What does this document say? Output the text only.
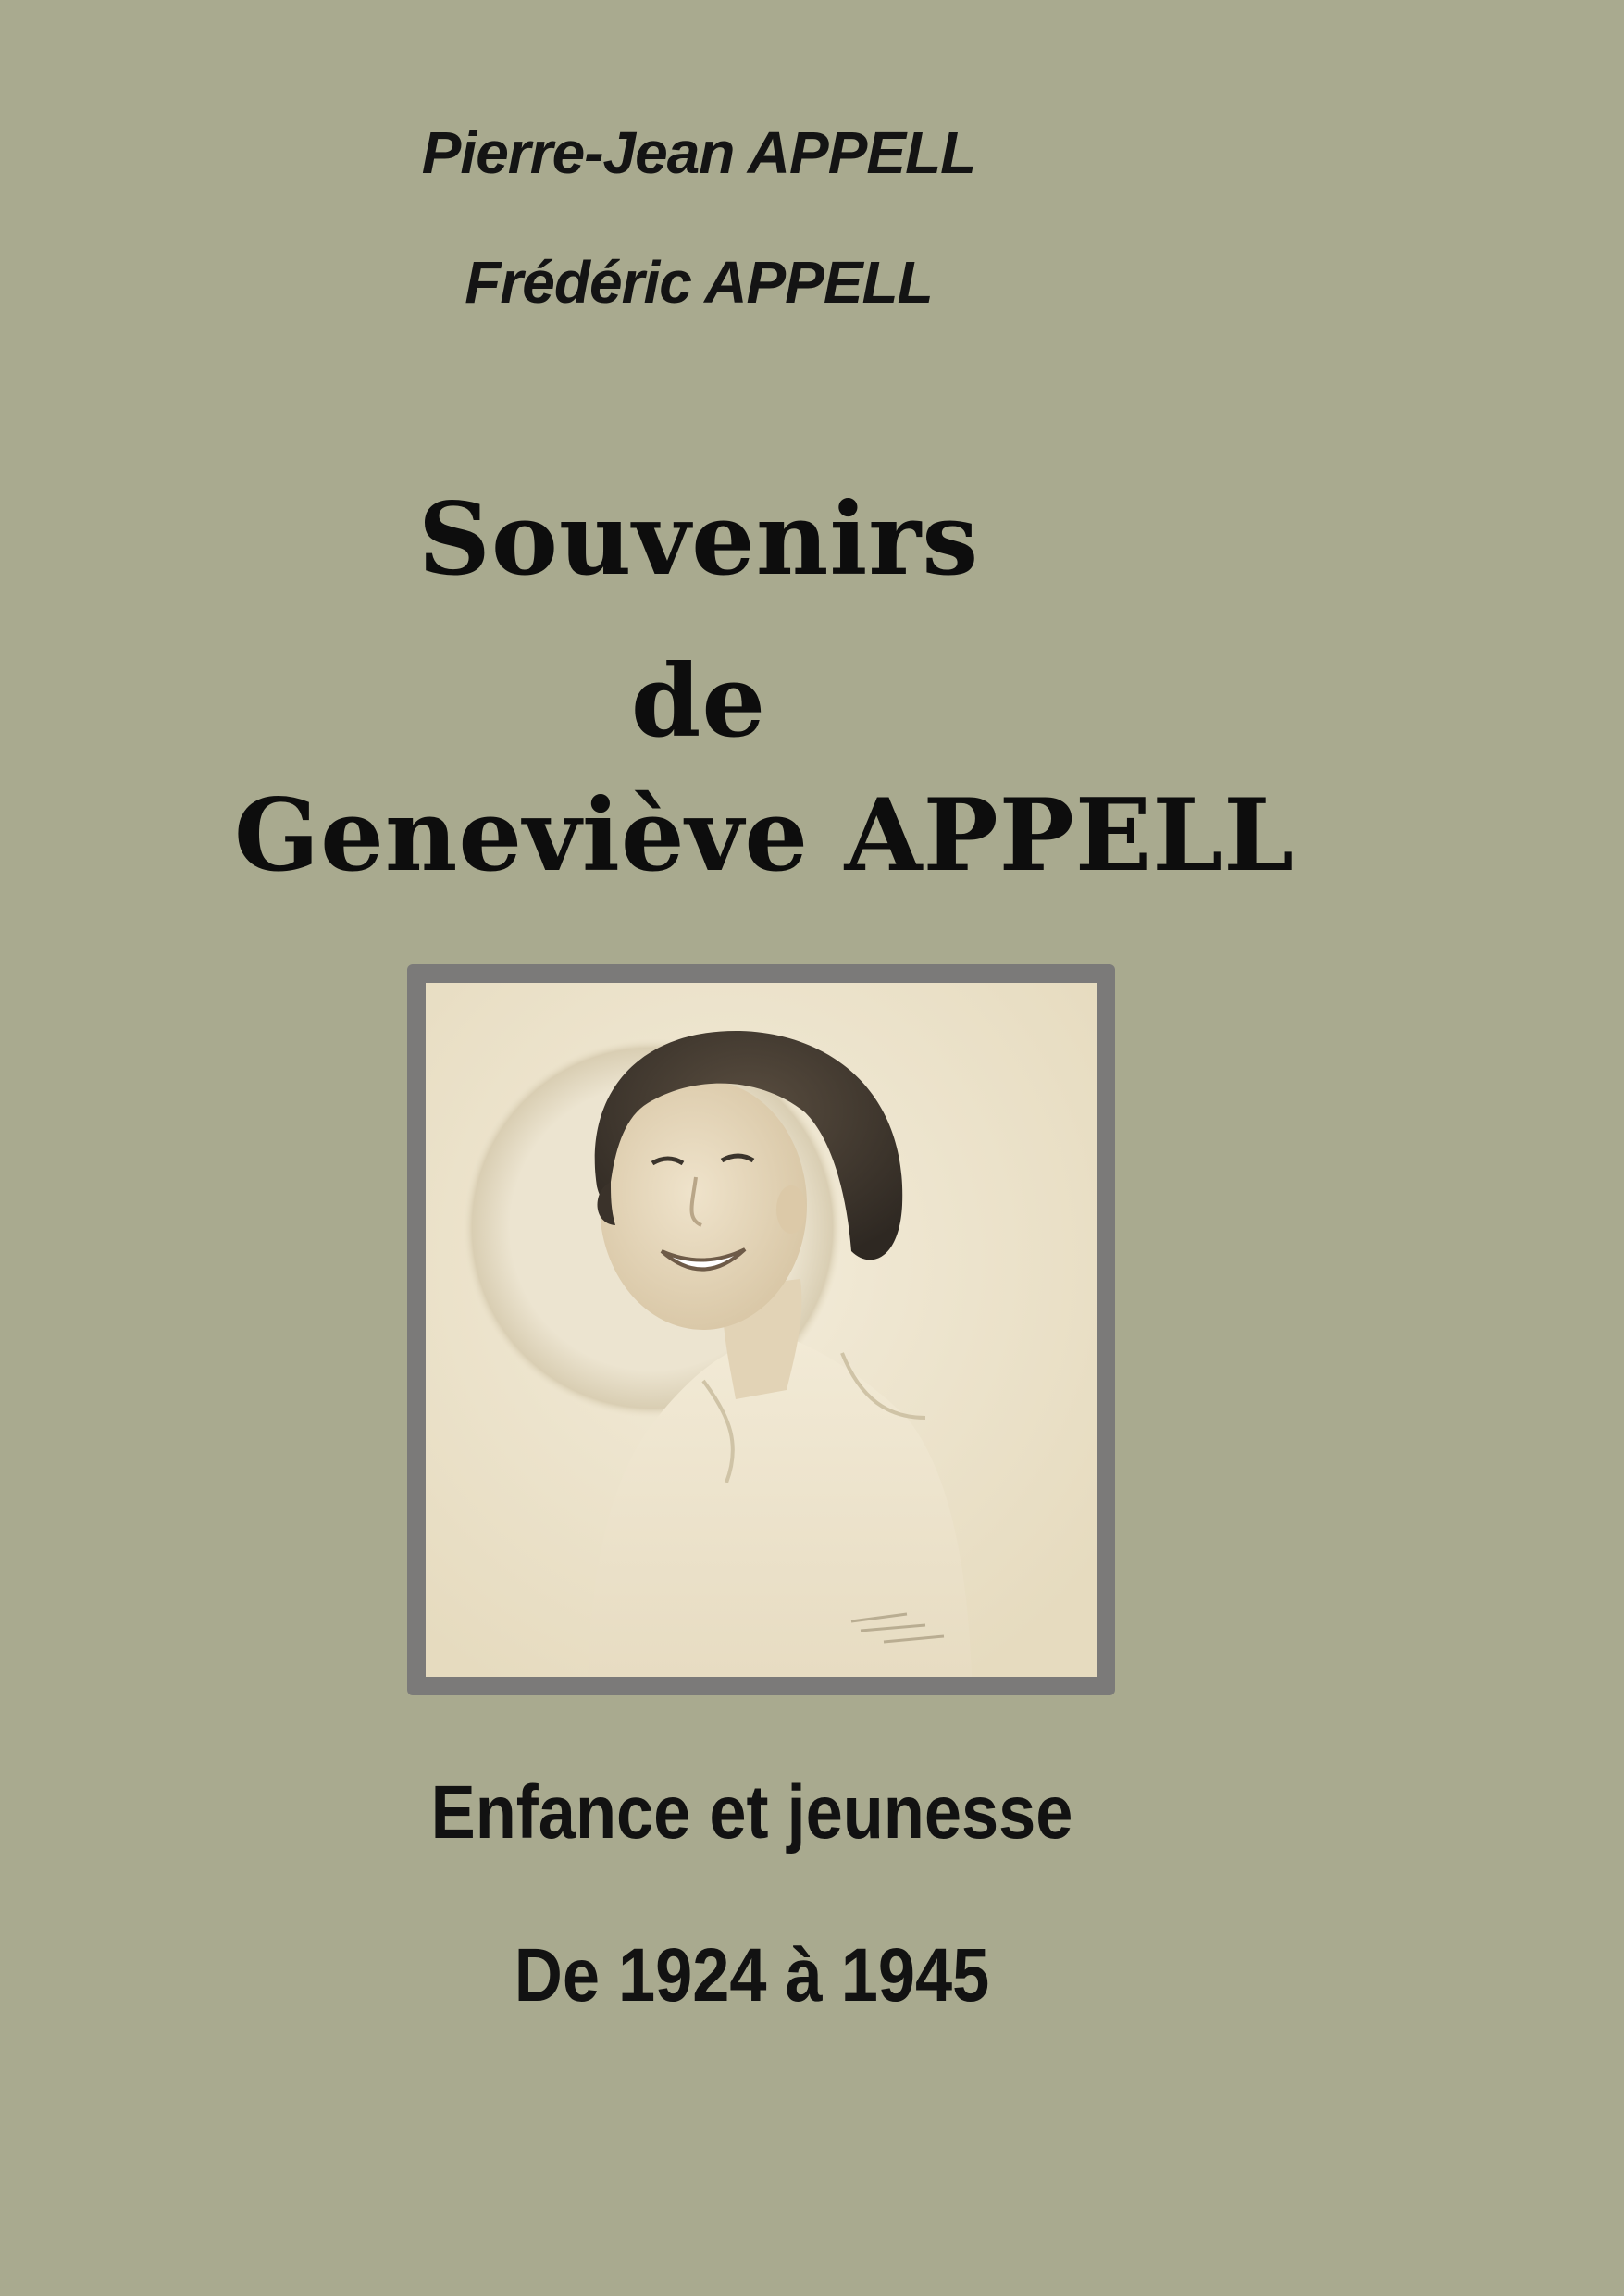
Pierre-Jean APPELL
Frédéric APPELL
Souvenirs
de
Geneviève APPELL
Enfance et jeunesse
De 1924 à 1945
